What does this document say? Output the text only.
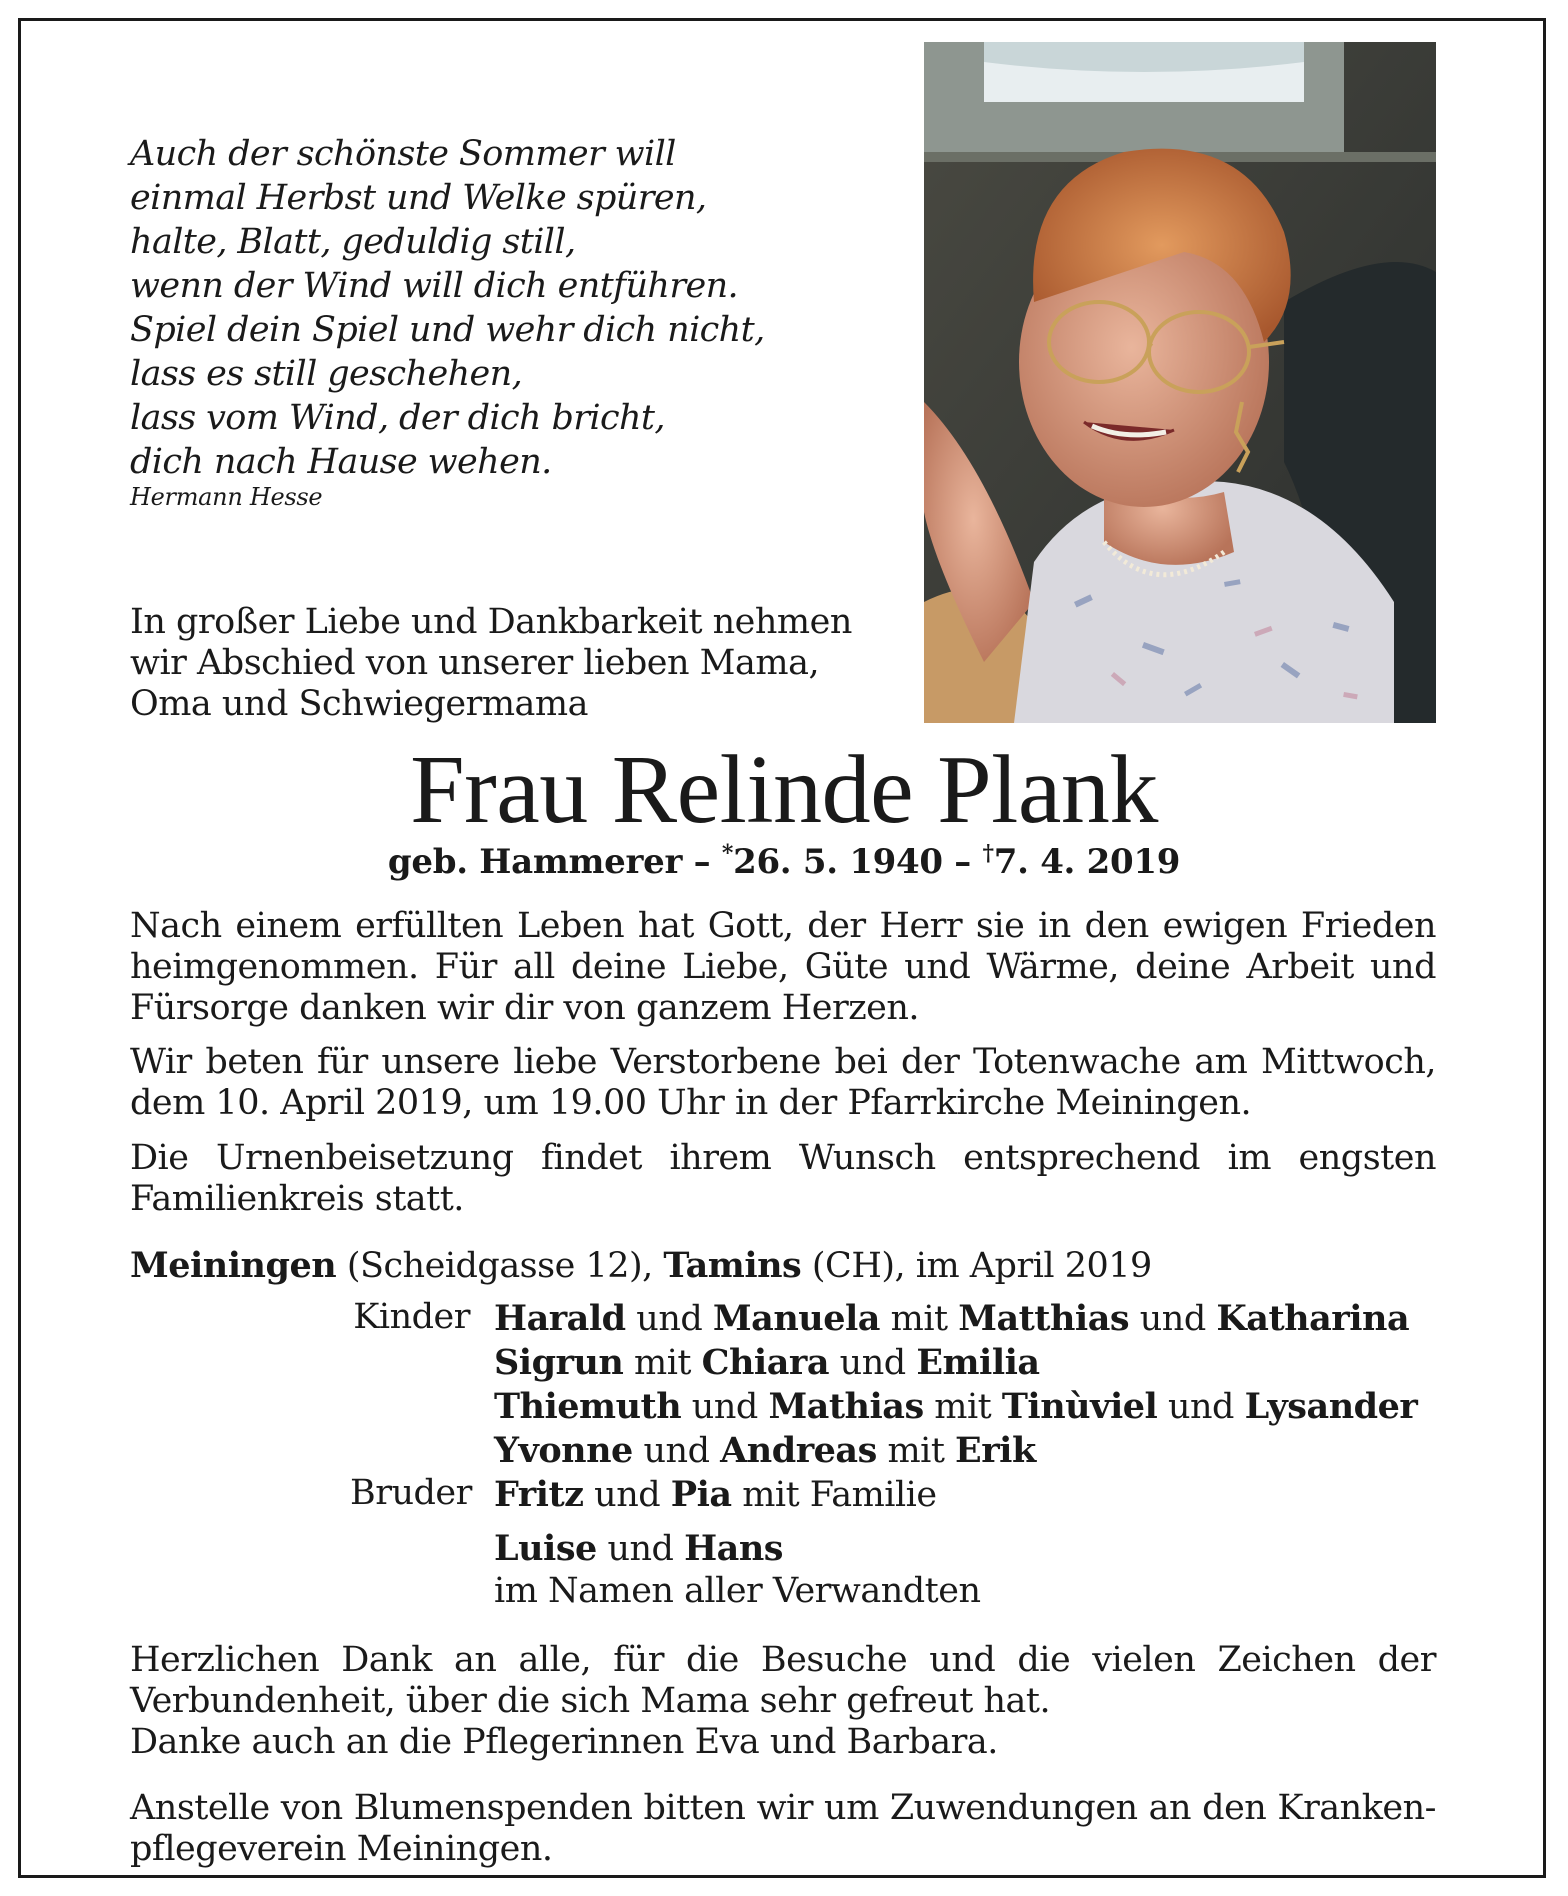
Auch der schönste Sommer will
einmal Herbst und Welke spüren,
halte, Blatt, geduldig still,
wenn der Wind will dich entführen.
Spiel dein Spiel und wehr dich nicht,
lass es still geschehen,
lass vom Wind, der dich bricht,
dich nach Hause wehen.
Hermann Hesse
In großer Liebe und Dankbarkeit nehmen
wir Abschied von unserer lieben Mama,
Oma und Schwiegermama
Frau Relinde Plank
geb. Hammerer – *26. 5. 1940 – †7. 4. 2019
Nach einem erfüllten Leben hat Gott, der Herr sie in den ewigen Frieden
heimgenommen. Für all deine Liebe, Güte und Wärme, deine Arbeit und
Fürsorge danken wir dir von ganzem Herzen.
Wir beten für unsere liebe Verstorbene bei der Totenwache am Mittwoch,
dem 10. April 2019, um 19.00 Uhr in der Pfarrkirche Meiningen.
Die Urnenbeisetzung findet ihrem Wunsch entsprechend im engsten
Familienkreis statt.
Meiningen (Scheidgasse 12), Tamins (CH), im April 2019
Kinder Harald und Manuela mit Matthias und Katharina
Sigrun mit Chiara und Emilia
Thiemuth und Mathias mit Tinùviel und Lysander
Yvonne und Andreas mit Erik
Bruder Fritz und Pia mit Familie
Luise und Hans
im Namen aller Verwandten
Herzlichen Dank an alle, für die Besuche und die vielen Zeichen der
Verbundenheit, über die sich Mama sehr gefreut hat.
Danke auch an die Pflegerinnen Eva und Barbara.
Anstelle von Blumenspenden bitten wir um Zuwendungen an den Kranken-
pflegeverein Meiningen.
